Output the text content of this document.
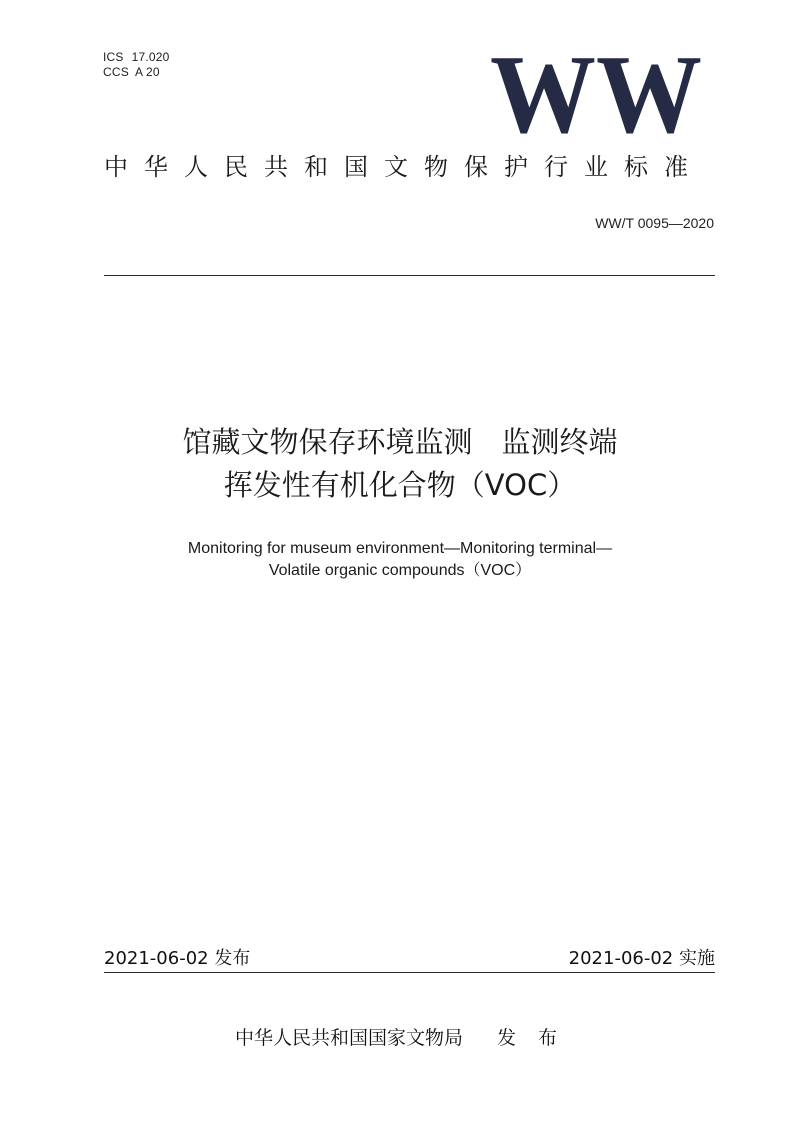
ICS 17.020
CCS A 20	WW
中华人民共和国文物保护行业标准
WW/T 0095—2020
馆藏文物保存环境监测　监测终端
挥发性有机化合物（VOC）
Monitoring for museum environment—Monitoring terminal—
Volatile organic compounds（VOC）
2021-06-02 发布	2021-06-02 实施
中华人民共和国国家文物局 发 布
